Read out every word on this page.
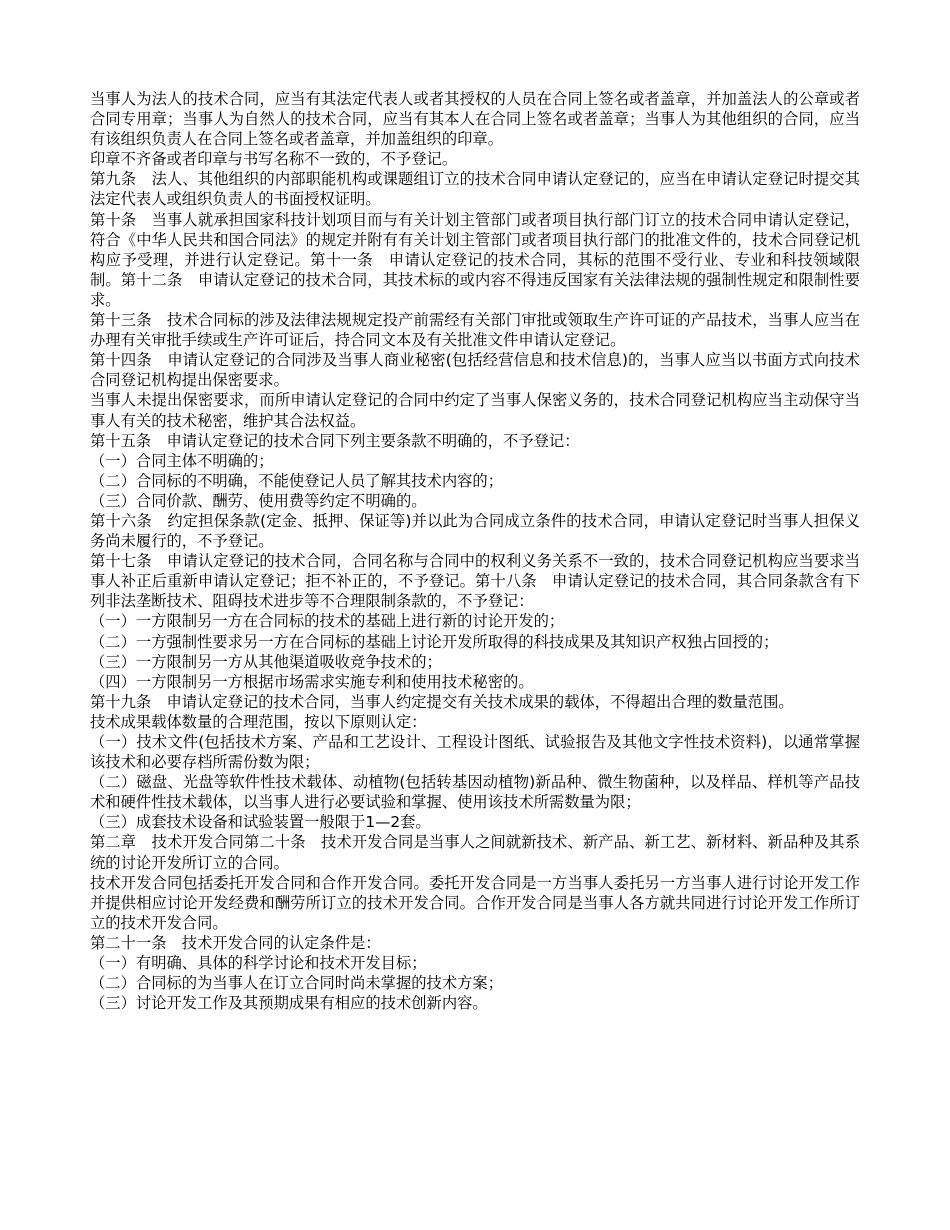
当事人为法人的技术合同，应当有其法定代表人或者其授权的人员在合同上签名或者盖章，并加盖法人的公章或者合同专用章；当事人为自然人的技术合同，应当有其本人在合同上签名或者盖章；当事人为其他组织的合同，应当有该组织负责人在合同上签名或者盖章，并加盖组织的印章。

印章不齐备或者印章与书写名称不一致的，不予登记。

第九条　法人、其他组织的内部职能机构或课题组订立的技术合同申请认定登记的，应当在申请认定登记时提交其法定代表人或组织负责人的书面授权证明。

第十条　当事人就承担国家科技计划项目而与有关计划主管部门或者项目执行部门订立的技术合同申请认定登记，符合《中华人民共和国合同法》的规定并附有有关计划主管部门或者项目执行部门的批准文件的，技术合同登记机构应予受理，并进行认定登记。第十一条　申请认定登记的技术合同，其标的范围不受行业、专业和科技领域限制。第十二条　申请认定登记的技术合同，其技术标的或内容不得违反国家有关法律法规的强制性规定和限制性要求。

第十三条　技术合同标的涉及法律法规规定投产前需经有关部门审批或领取生产许可证的产品技术，当事人应当在办理有关审批手续或生产许可证后，持合同文本及有关批准文件申请认定登记。

第十四条　申请认定登记的合同涉及当事人商业秘密(包括经营信息和技术信息)的，当事人应当以书面方式向技术合同登记机构提出保密要求。

当事人未提出保密要求，而所申请认定登记的合同中约定了当事人保密义务的，技术合同登记机构应当主动保守当事人有关的技术秘密，维护其合法权益。

第十五条　申请认定登记的技术合同下列主要条款不明确的，不予登记：

（一）合同主体不明确的；

（二）合同标的不明确，不能使登记人员了解其技术内容的；

（三）合同价款、酬劳、使用费等约定不明确的。

第十六条　约定担保条款(定金、抵押、保证等)并以此为合同成立条件的技术合同，申请认定登记时当事人担保义务尚未履行的，不予登记。

第十七条　申请认定登记的技术合同，合同名称与合同中的权利义务关系不一致的，技术合同登记机构应当要求当事人补正后重新申请认定登记；拒不补正的，不予登记。第十八条　申请认定登记的技术合同，其合同条款含有下列非法垄断技术、阻碍技术进步等不合理限制条款的，不予登记：

（一）一方限制另一方在合同标的技术的基础上进行新的讨论开发的；

（二）一方强制性要求另一方在合同标的基础上讨论开发所取得的科技成果及其知识产权独占回授的；

（三）一方限制另一方从其他渠道吸收竞争技术的；

（四）一方限制另一方根据市场需求实施专利和使用技术秘密的。

第十九条　申请认定登记的技术合同，当事人约定提交有关技术成果的载体，不得超出合理的数量范围。

技术成果载体数量的合理范围，按以下原则认定：

（一）技术文件(包括技术方案、产品和工艺设计、工程设计图纸、试验报告及其他文字性技术资料)，以通常掌握该技术和必要存档所需份数为限；

（二）磁盘、光盘等软件性技术载体、动植物(包括转基因动植物)新品种、微生物菌种，以及样品、样机等产品技术和硬件性技术载体，以当事人进行必要试验和掌握、使用该技术所需数量为限；

（三）成套技术设备和试验装置一般限于1—2套。

第二章　技术开发合同第二十条　技术开发合同是当事人之间就新技术、新产品、新工艺、新材料、新品种及其系统的讨论开发所订立的合同。

技术开发合同包括委托开发合同和合作开发合同。委托开发合同是一方当事人委托另一方当事人进行讨论开发工作并提供相应讨论开发经费和酬劳所订立的技术开发合同。合作开发合同是当事人各方就共同进行讨论开发工作所订立的技术开发合同。

第二十一条　技术开发合同的认定条件是：

（一）有明确、具体的科学讨论和技术开发目标；

（二）合同标的为当事人在订立合同时尚未掌握的技术方案；

（三）讨论开发工作及其预期成果有相应的技术创新内容。
